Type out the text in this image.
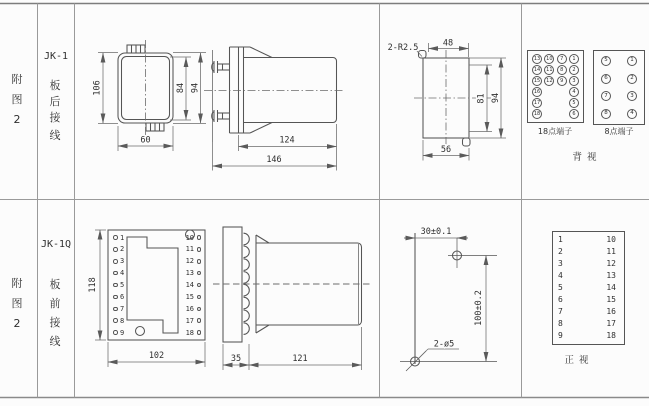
106	84 94
60	124
146
2-R2.5	48
81 94
56
118
102	35	121
30±0.1
100±0.2
2-ø5
附
图
2
JK-1
板
后
接
线
附
图
2
JK-1Q
板
前
接
线
1
2
3
4
5
6
7
8
9
10
11
12
13
14
15
16
17
18
13	10	7	1
14	11	8	2
15	12	9	3
16	4
17	5
18	6
5	1
6	2
7	3
8	4
18点端子	8点端子
背 视
1	10
2	11
3	12
4	13
5	14
6	15
7	16
8	17
9	18
正 视
